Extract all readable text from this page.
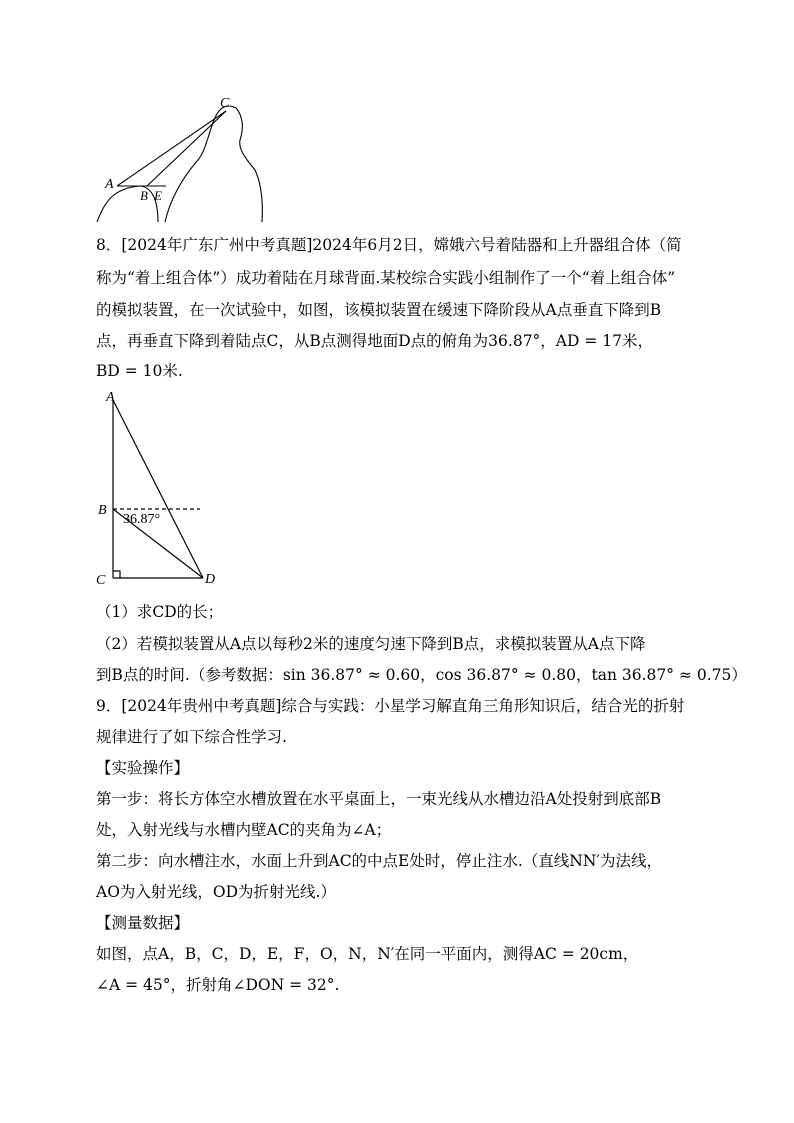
C
A
B E
8．[2024年广东广州中考真题]2024年6月2日，嫦娥六号着陆器和上升器组合体（简
称为“着上组合体”）成功着陆在月球背面.某校综合实践小组制作了一个“着上组合体”
的模拟装置，在一次试验中，如图，该模拟装置在缓速下降阶段从A点垂直下降到B
点，再垂直下降到着陆点C，从B点测得地面D点的俯角为36.87°，AD = 17米，
BD = 10米.
A
B
C	D
36.87°
（1）求CD的长；
（2）若模拟装置从A点以每秒2米的速度匀速下降到B点，求模拟装置从A点下降
到B点的时间.（参考数据：sin 36.87° ≈ 0.60，cos 36.87° ≈ 0.80，tan 36.87° ≈ 0.75）
9．[2024年贵州中考真题]综合与实践：小星学习解直角三角形知识后，结合光的折射
规律进行了如下综合性学习.
【实验操作】
第一步：将长方体空水槽放置在水平桌面上，一束光线从水槽边沿A处投射到底部B
处，入射光线与水槽内壁AC的夹角为∠A；
第二步：向水槽注水，水面上升到AC的中点E处时，停止注水.（直线NN′为法线，
AO为入射光线，OD为折射光线.）
【测量数据】
如图，点A，B，C，D，E，F，O，N，N′在同一平面内，测得AC = 20cm，
∠A = 45°，折射角∠DON = 32°.
